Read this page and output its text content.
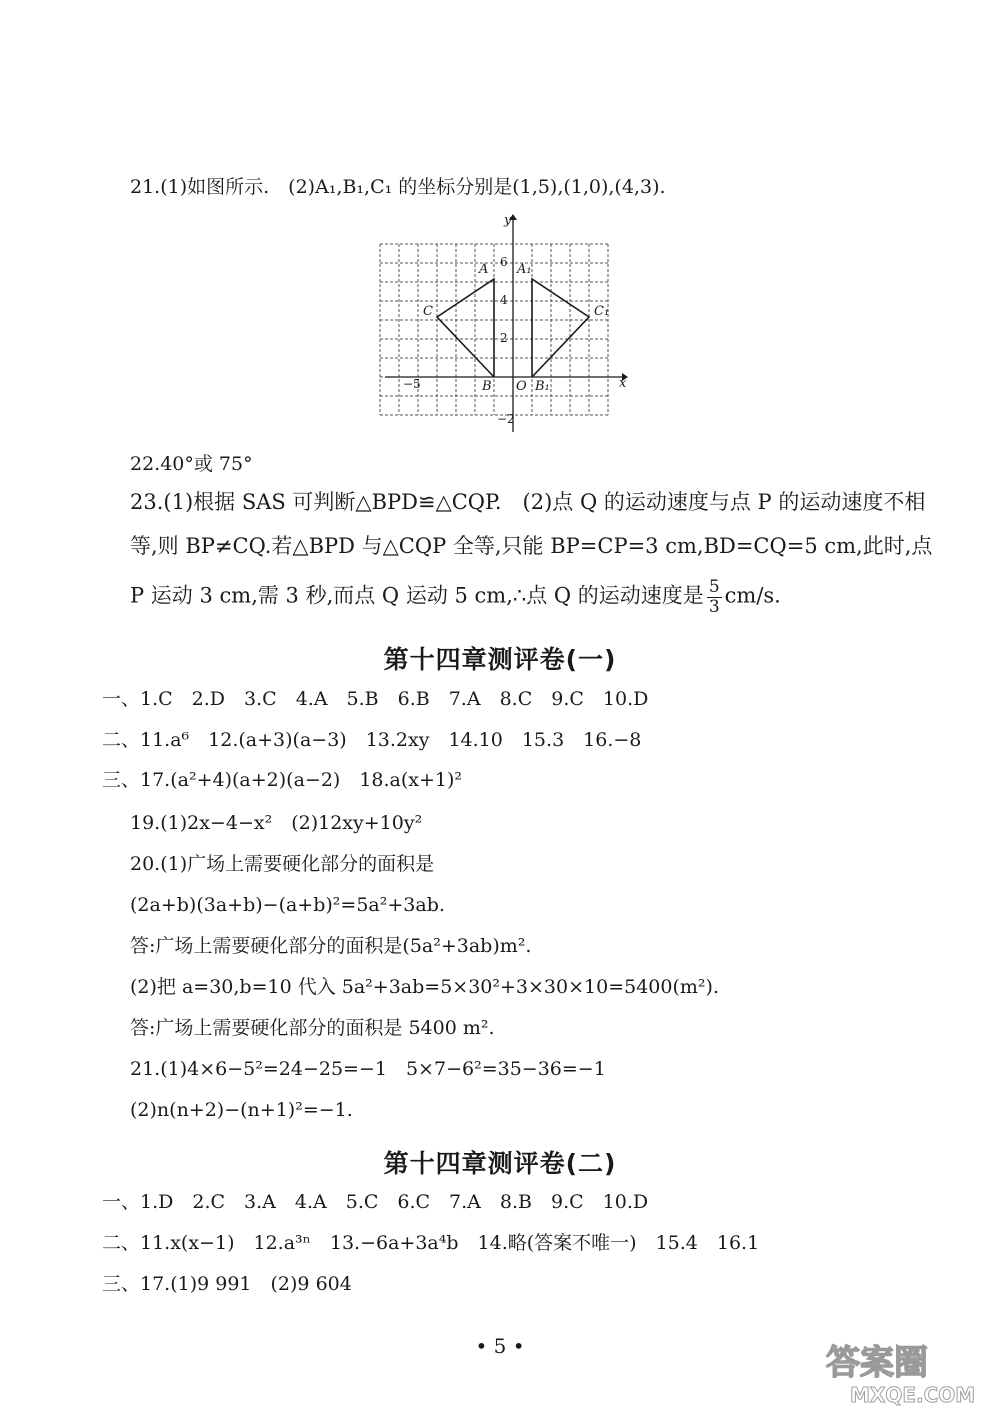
21.(1)如图所示.　(2)A₁,B₁,C₁ 的坐标分别是(1,5),(1,0),(4,3).
y
x
O
A A₁
C	C₁
B	B₁
6
4
2
−2
−5
22.40°或 75°
23.(1)根据 SAS 可判断△BPD≌△CQP.　(2)点 Q 的运动速度与点 P 的运动速度不相
等,则 BP≠CQ.若△BPD 与△CQP 全等,只能 BP=CP=3 cm,BD=CQ=5 cm,此时,点
P 运动 3 cm,需 3 秒,而点 Q 运动 5 cm,∴点 Q 的运动速度是 $\frac{5}{3} cm/s$.
第十四章测评卷(一)
一、1.C　2.D　3.C　4.A　5.B　6.B　7.A　8.C　9.C　10.D
二、11.a⁶　12.(a+3)(a−3)　13.2xy　14.10　15.3　16.−8
三、17.(a²+4)(a+2)(a−2)　18.a(x+1)²
19.(1)2x−4−x²　(2)12xy+10y²
20.(1)广场上需要硬化部分的面积是
(2a+b)(3a+b)−(a+b)²=5a²+3ab.
答:广场上需要硬化部分的面积是(5a²+3ab)m².
(2)把 a=30,b=10 代入 5a²+3ab=5×30²+3×30×10=5400(m²).
答:广场上需要硬化部分的面积是 5400 m².
21.(1)4×6−5²=24−25=−1　5×7−6²=35−36=−1
(2)n(n+2)−(n+1)²=−1.
第十四章测评卷(二)
一、1.D　2.C　3.A　4.A　5.C　6.C　7.A　8.B　9.C　10.D
二、11.x(x−1)　12.a³ⁿ　13.−6a+3a⁴b　14.略(答案不唯一)　15.4　16.1
三、17.(1)9 991　(2)9 604
• 5 •	答案圈
MXQE.COM
